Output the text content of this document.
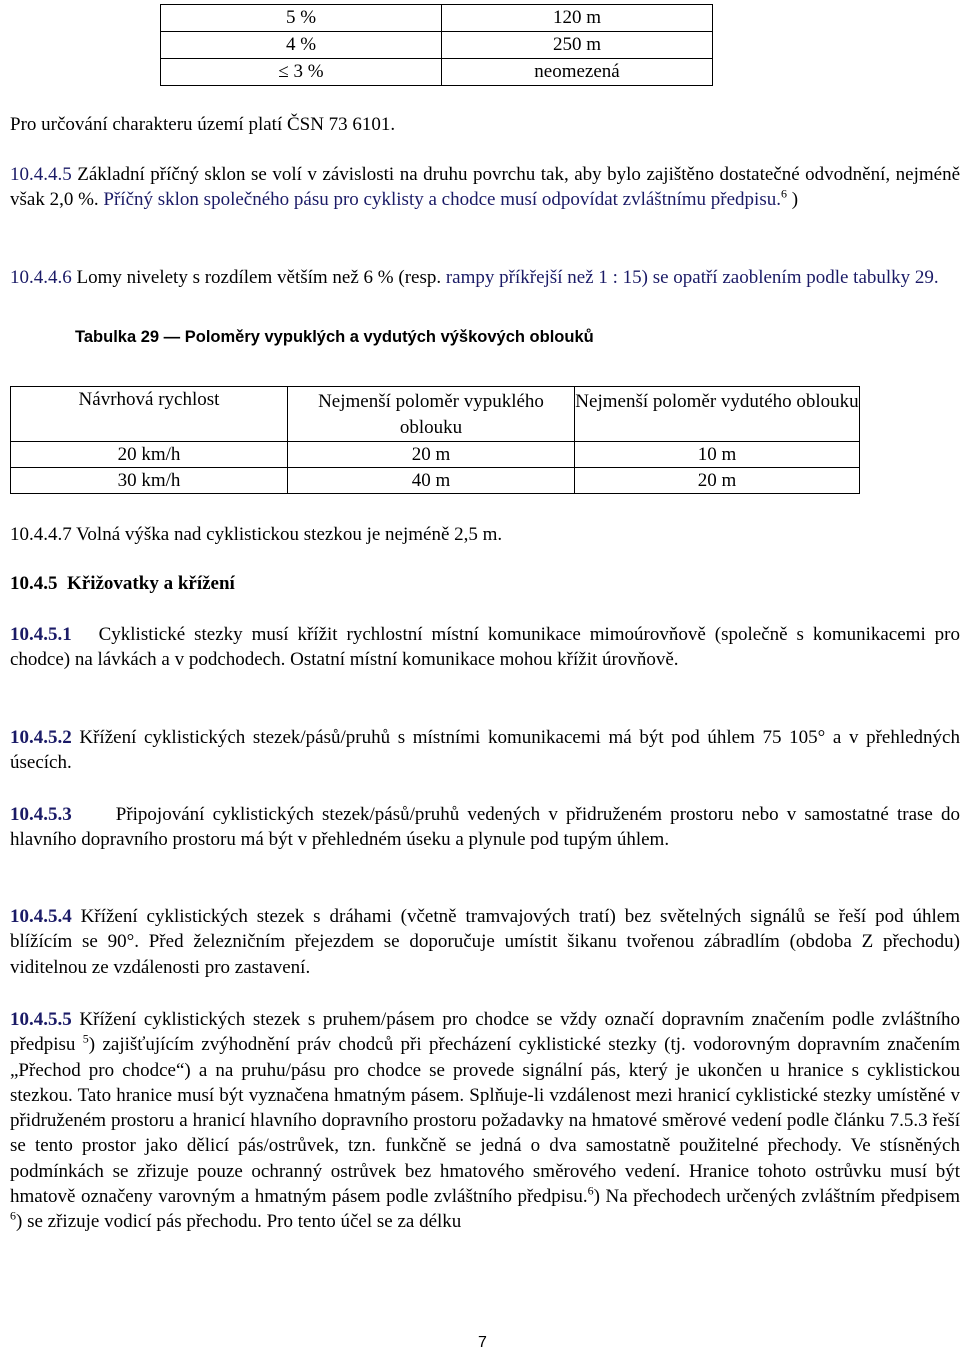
5 %	120 m
4 %	250 m
≤ 3 %	neomezená
Pro určování charakteru území platí ČSN 73 6101.
10.4.4.5 Základní příčný sklon se volí v závislosti na druhu povrchu tak, aby bylo zajištěno dostatečné odvodnění, nejméně však 2,0 %. Příčný sklon společného pásu pro cyklisty a chodce musí odpovídat zvláštnímu předpisu.$^6$ )
10.4.4.6 Lomy nivelety s rozdílem větším než 6 % (resp. rampy příkřejší než 1 : 15) se opatří zaoblením podle tabulky 29.
Tabulka 29 — Poloměry vypuklých a vydutých výškových oblouků
Návrhová rychlost	Nejmenší poloměr vypuklého oblouku	Nejmenší poloměr vydutého oblouku
20 km/h	20 m	10 m
30 km/h	40 m	20 m
10.4.4.7 Volná výška nad cyklistickou stezkou je nejméně 2,5 m.
10.4.5 Křižovatky a křížení
10.4.5.1 Cyklistické stezky musí křížit rychlostní místní komunikace mimoúrovňově (společně s komunikacemi pro chodce) na lávkách a v podchodech. Ostatní místní komunikace mohou křížit úrovňově.
10.4.5.2 Křížení cyklistických stezek/pásů/pruhů s místními komunikacemi má být pod úhlem 75 105° a v přehledných úsecích.
10.4.5.3 Připojování cyklistických stezek/pásů/pruhů vedených v přidruženém prostoru nebo v samostatné trase do hlavního dopravního prostoru má být v přehledném úseku a plynule pod tupým úhlem.
10.4.5.4 Křížení cyklistických stezek s dráhami (včetně tramvajových tratí) bez světelných signálů se řeší pod úhlem blížícím se 90°. Před železničním přejezdem se doporučuje umístit šikanu tvořenou zábradlím (obdoba Z přechodu) viditelnou ze vzdálenosti pro zastavení.
10.4.5.5 Křížení cyklistických stezek s pruhem/pásem pro chodce se vždy označí dopravním značením podle zvláštního předpisu $^5$) zajišťujícím zvýhodnění práv chodců při přecházení cyklistické stezky (tj. vodorovným dopravním značením „Přechod pro chodce“) a na pruhu/pásu pro chodce se provede signální pás, který je ukončen u hranice s cyklistickou stezkou. Tato hranice musí být vyznačena hmatným pásem. Splňuje-li vzdálenost mezi hranicí cyklistické stezky umístěné v přidruženém prostoru a hranicí hlavního dopravního prostoru požadavky na hmatové směrové vedení podle článku 7.5.3 řeší se tento prostor jako dělicí pás/ostrůvek, tzn. funkčně se jedná o dva samostatně použitelné přechody. Ve stísněných podmínkách se zřizuje pouze ochranný ostrůvek bez hmatového směrového vedení. Hranice tohoto ostrůvku musí být hmatově označeny varovným a hmatným pásem podle zvláštního předpisu.$^6$) Na přechodech určených zvláštním předpisem $^6$) se zřizuje vodicí pás přechodu. Pro tento účel se za délku
7
